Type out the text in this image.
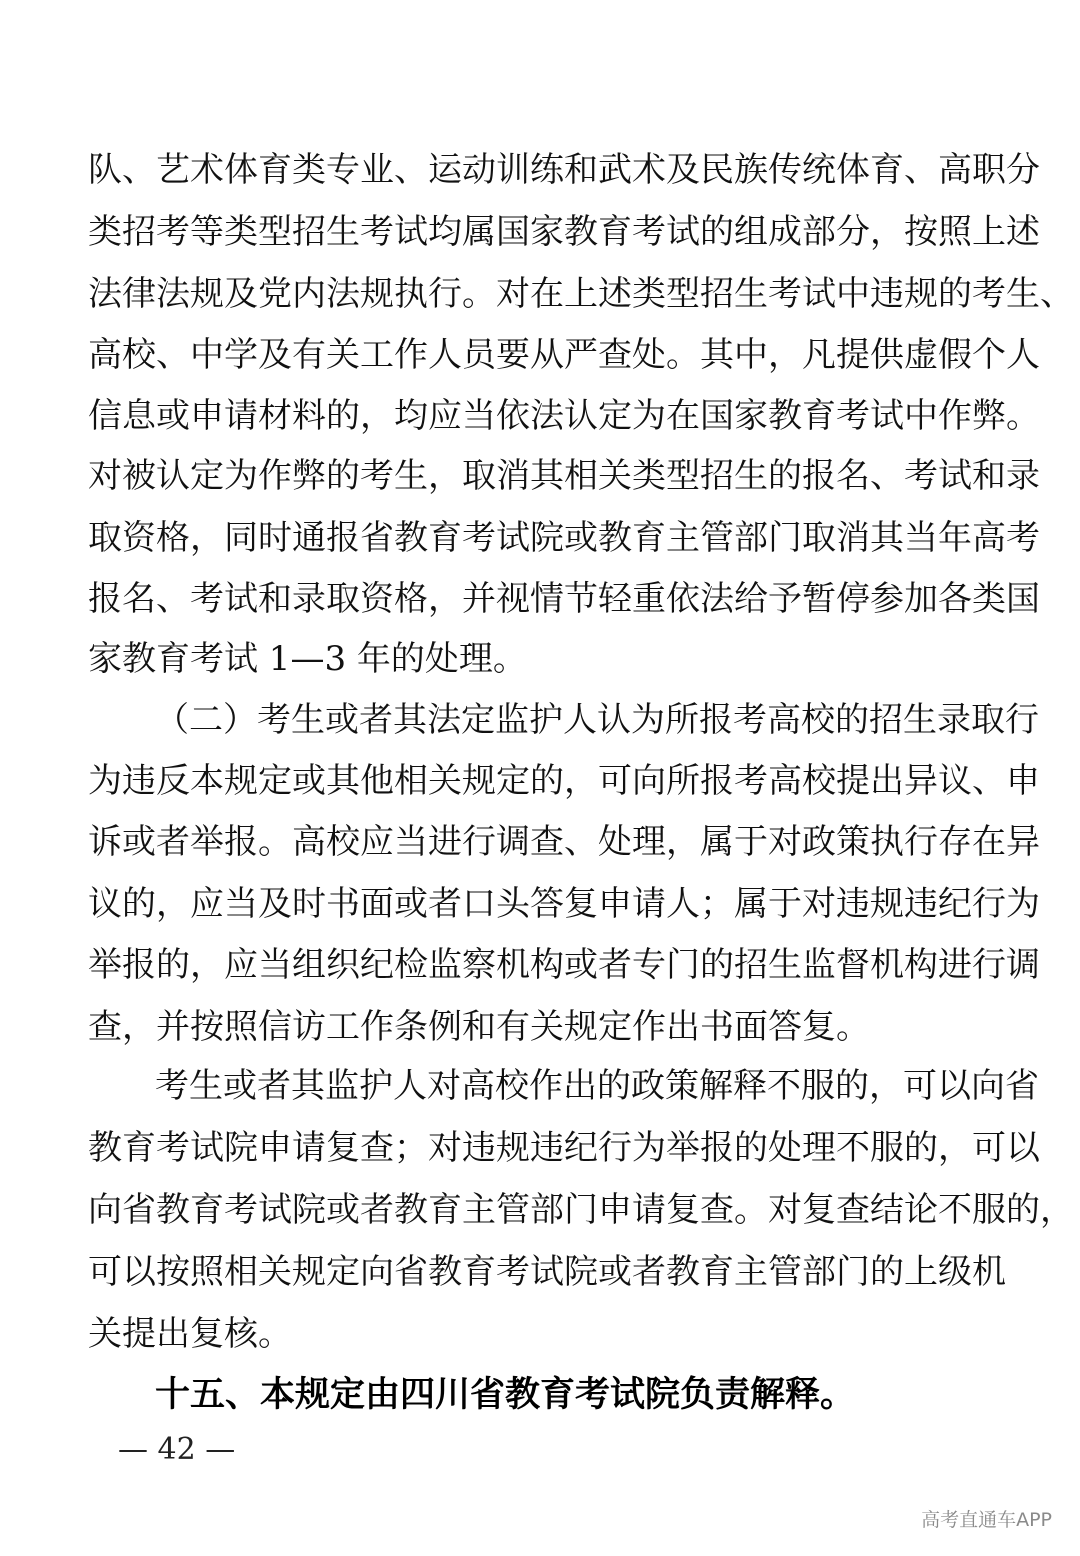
队、艺术体育类专业、运动训练和武术及民族传统体育、高职分
类招考等类型招生考试均属国家教育考试的组成部分，按照上述
法律法规及党内法规执行。对在上述类型招生考试中违规的考生、
高校、中学及有关工作人员要从严查处。其中，凡提供虚假个人
信息或申请材料的，均应当依法认定为在国家教育考试中作弊。
对被认定为作弊的考生，取消其相关类型招生的报名、考试和录
取资格，同时通报省教育考试院或教育主管部门取消其当年高考
报名、考试和录取资格，并视情节轻重依法给予暂停参加各类国
家教育考试 1—3 年的处理。
（二）考生或者其法定监护人认为所报考高校的招生录取行
为违反本规定或其他相关规定的，可向所报考高校提出异议、申
诉或者举报。高校应当进行调查、处理，属于对政策执行存在异
议的，应当及时书面或者口头答复申请人；属于对违规违纪行为
举报的，应当组织纪检监察机构或者专门的招生监督机构进行调
查，并按照信访工作条例和有关规定作出书面答复。
考生或者其监护人对高校作出的政策解释不服的，可以向省
教育考试院申请复查；对违规违纪行为举报的处理不服的，可以
向省教育考试院或者教育主管部门申请复查。对复查结论不服的，
可以按照相关规定向省教育考试院或者教育主管部门的上级机
关提出复核。
十五、本规定由四川省教育考试院负责解释。
— 42 —
高考直通车APP
